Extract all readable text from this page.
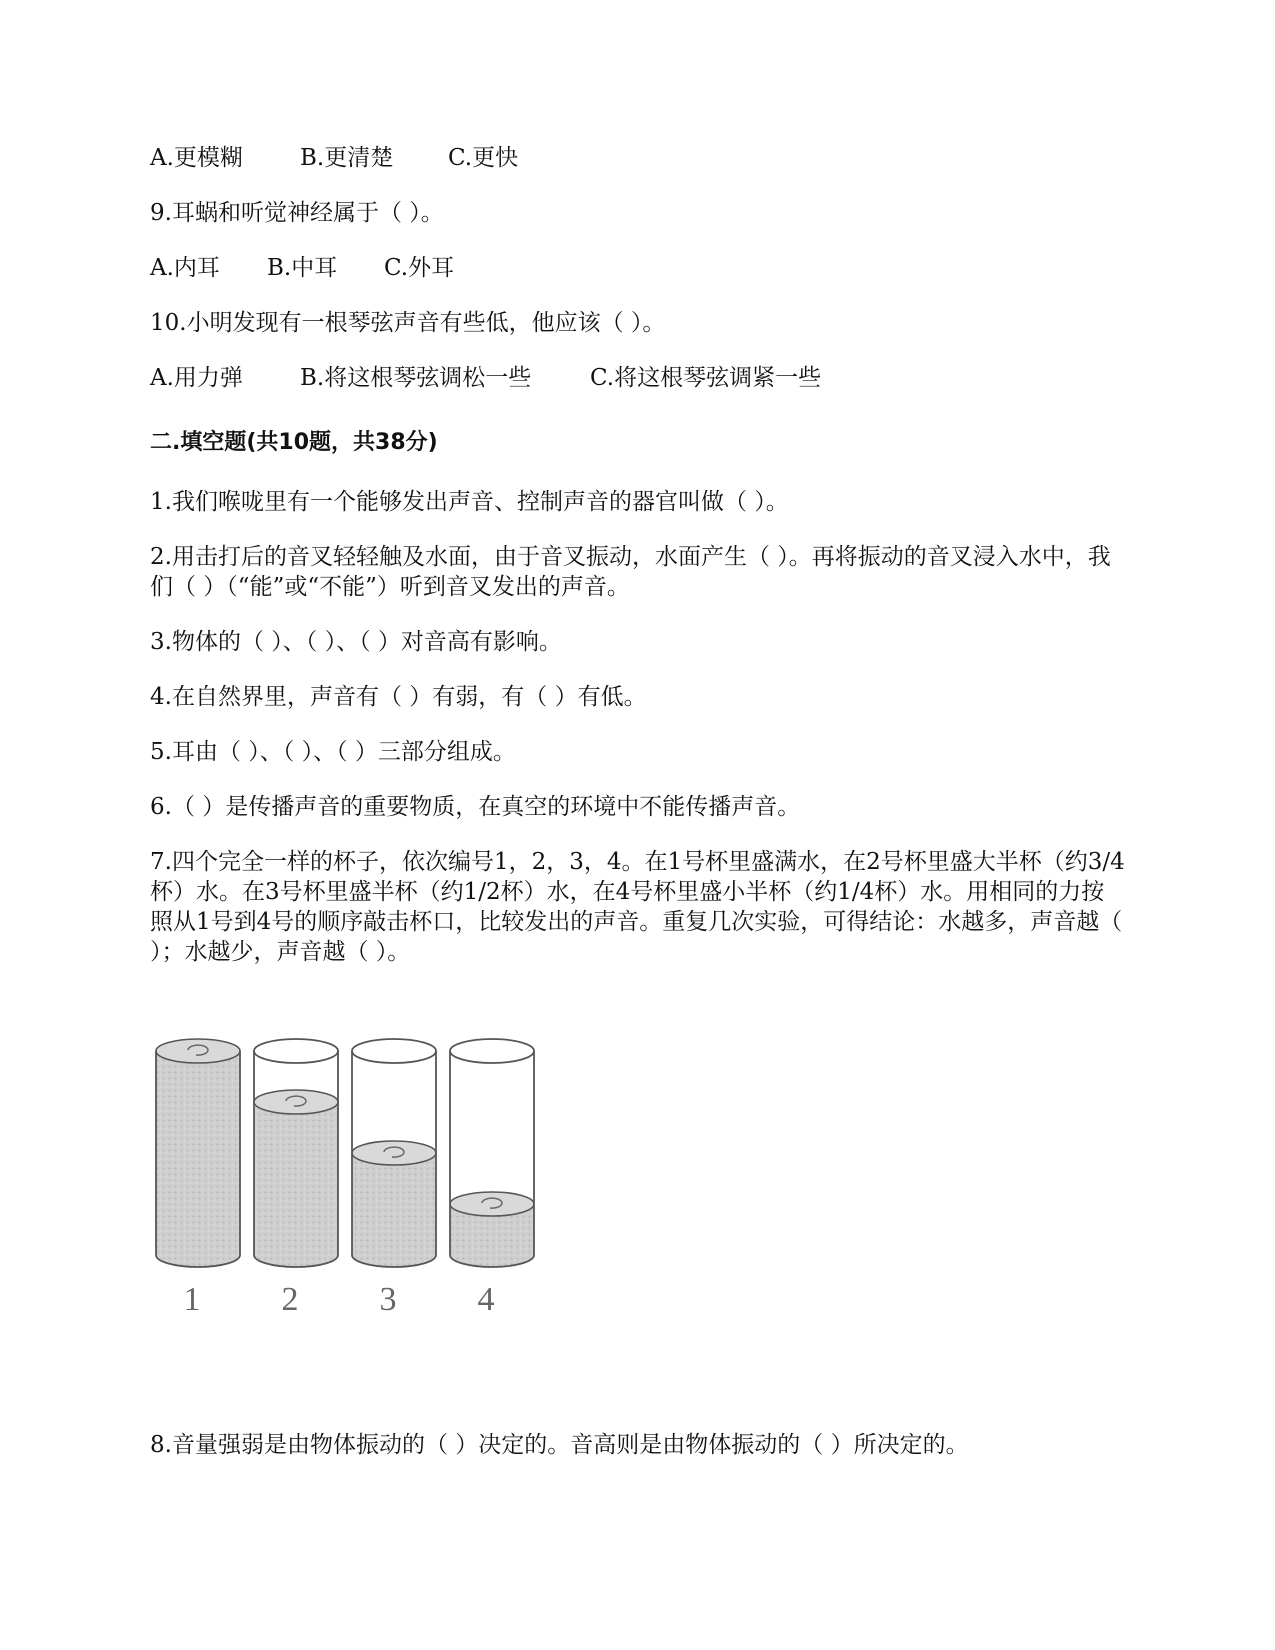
A.更模糊 B.更清楚 C.更快
9.耳蜗和听觉神经属于（ ）。
A.内耳 B.中耳 C.外耳
10.小明发现有一根琴弦声音有些低，他应该（ ）。
A.用力弹 B.将这根琴弦调松一些	C.将这根琴弦调紧一些
二.填空题(共10题，共38分)
1.我们喉咙里有一个能够发出声音、控制声音的器官叫做（ ）。
2.用击打后的音叉轻轻触及水面，由于音叉振动，水面产生（ ）。再将振动的音叉浸入水中，我们（ ）（“能”或“不能”）听到音叉发出的声音。
3.物体的（ ）、（ ）、（ ）对音高有影响。
4.在自然界里，声音有（ ）有弱，有（ ）有低。
5.耳由（ ）、（ ）、（ ）三部分组成。
6.（ ）是传播声音的重要物质，在真空的环境中不能传播声音。
7.四个完全一样的杯子，依次编号1，2，3，4。在1号杯里盛满水，在2号杯里盛大半杯（约3/4杯）水。在3号杯里盛半杯（约1/2杯）水，在4号杯里盛小半杯（约1/4杯）水。用相同的力按照从1号到4号的顺序敲击杯口，比较发出的声音。重复几次实验，可得结论：水越多，声音越（ ）；水越少，声音越（ ）。
1 2 3 4
8.音量强弱是由物体振动的（ ）决定的。音高则是由物体振动的（ ）所决定的。
